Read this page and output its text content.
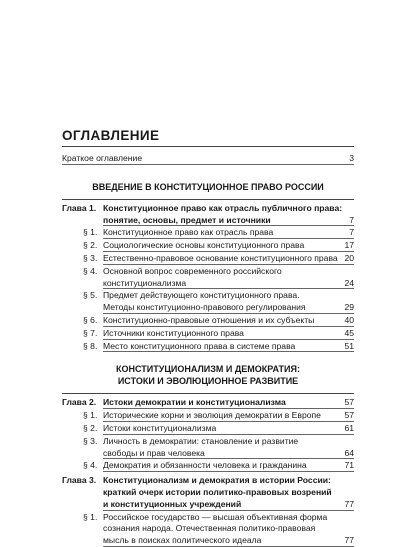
ОГЛАВЛЕНИЕ
Краткое оглавление	3
ВВЕДЕНИЕ В КОНСТИТУЦИОННОЕ ПРАВО РОССИИ
Глава 1. Конституционное право как отрасль публичного права:
понятие, основы, предмет и источники	7
§ 1. Конституционное право как отрасль права	7
§ 2. Социологические основы конституционного права	17
§ 3. Естественно-правовое основание конституционного права 20
§ 4. Основной вопрос современного российского
конституционализма	24
§ 5. Предмет действующего конституционного права.
Методы конституционно-правового регулирования	29
§ 6. Конституционно-правовые отношения и их субъекты	40
§ 7. Источники конституционного права	45
§ 8. Место конституционного права в системе права	51
КОНСТИТУЦИОНАЛИЗМ И ДЕМОКРАТИЯ:
ИСТОКИ И ЭВОЛЮЦИОННОЕ РАЗВИТИЕ
Глава 2. Истоки демократии и конституционализма	57
§ 1. Исторические корни и эволюция демократии в Европе	57
§ 2. Истоки конституционализма	61
§ 3. Личность в демократии: становление и развитие
свободы и прав человека	64
§ 4. Демократия и обязанности человека и гражданина	71
Глава 3. Конституционализм и демократия в истории России:
краткий очерк истории политико-правовых возрений
и конституционных учреждений	77
§ 1. Российское государство — высшая объективная форма
сознания народа. Отечественная политико-правовая
мысль в поисках политического идеала	77
